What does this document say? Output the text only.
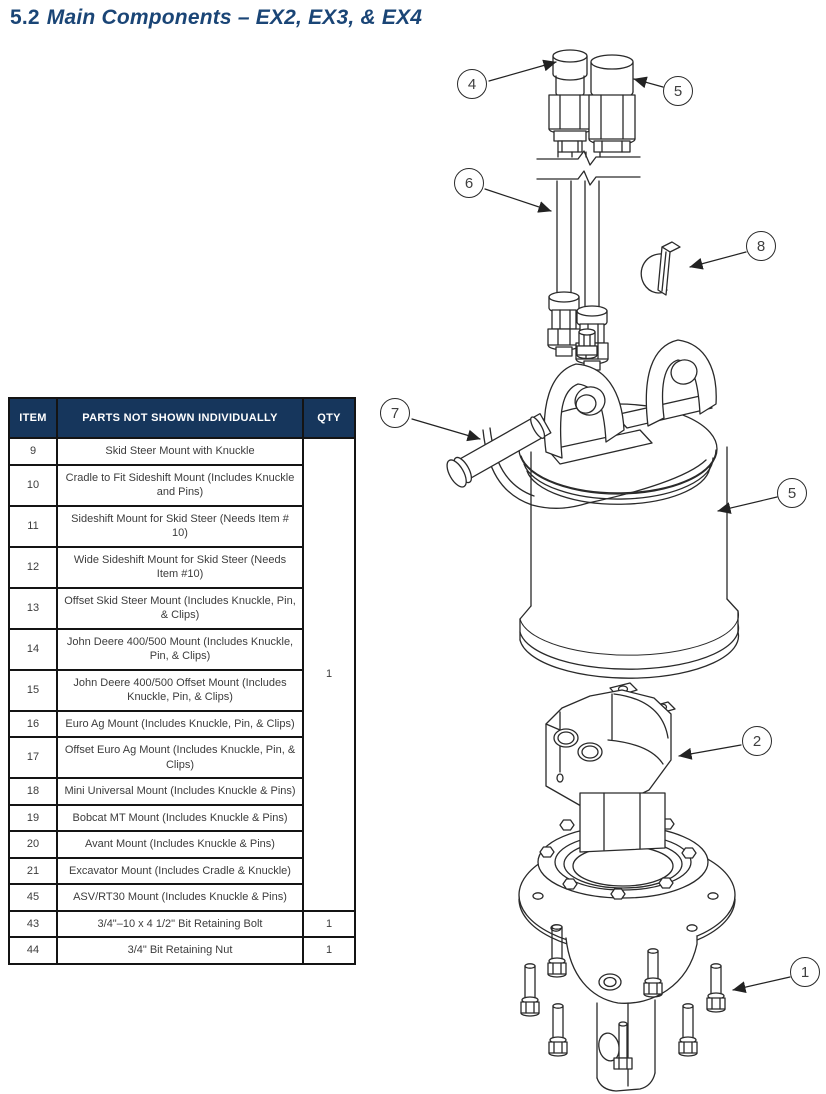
5.2 Main Components – EX2, EX3, & EX4
ITEM	PARTS NOT SHOWN INDIVIDUALLY	QTY
9	Skid Steer Mount with Knuckle	1
10	Cradle to Fit Sideshift Mount (Includes Knuckle and Pins)	
11	Sideshift Mount for Skid Steer (Needs Item # 10)	
12	Wide Sideshift Mount for Skid Steer (Needs Item #10)	
13	Offset Skid Steer Mount (Includes Knuckle, Pin, & Clips)	
14	John Deere 400/500 Mount (Includes Knuckle, Pin, & Clips)	
15	John Deere 400/500 Offset Mount (Includes Knuckle, Pin, & Clips)	
16	Euro Ag Mount (Includes Knuckle, Pin, & Clips)	
17	Offset Euro Ag Mount (Includes Knuckle, Pin, & Clips)	
18	Mini Universal Mount (Includes Knuckle & Pins)	
19	Bobcat MT Mount (Includes Knuckle & Pins)	
20	Avant Mount (Includes Knuckle & Pins)	
21	Excavator Mount (Includes Cradle & Knuckle)	
45	ASV/RT30 Mount (Includes Knuckle & Pins)	
43	3/4"–10 x 4 1/2" Bit Retaining Bolt	1
44	3/4" Bit Retaining Nut	1
4	5
6
8
7
5
2
1
